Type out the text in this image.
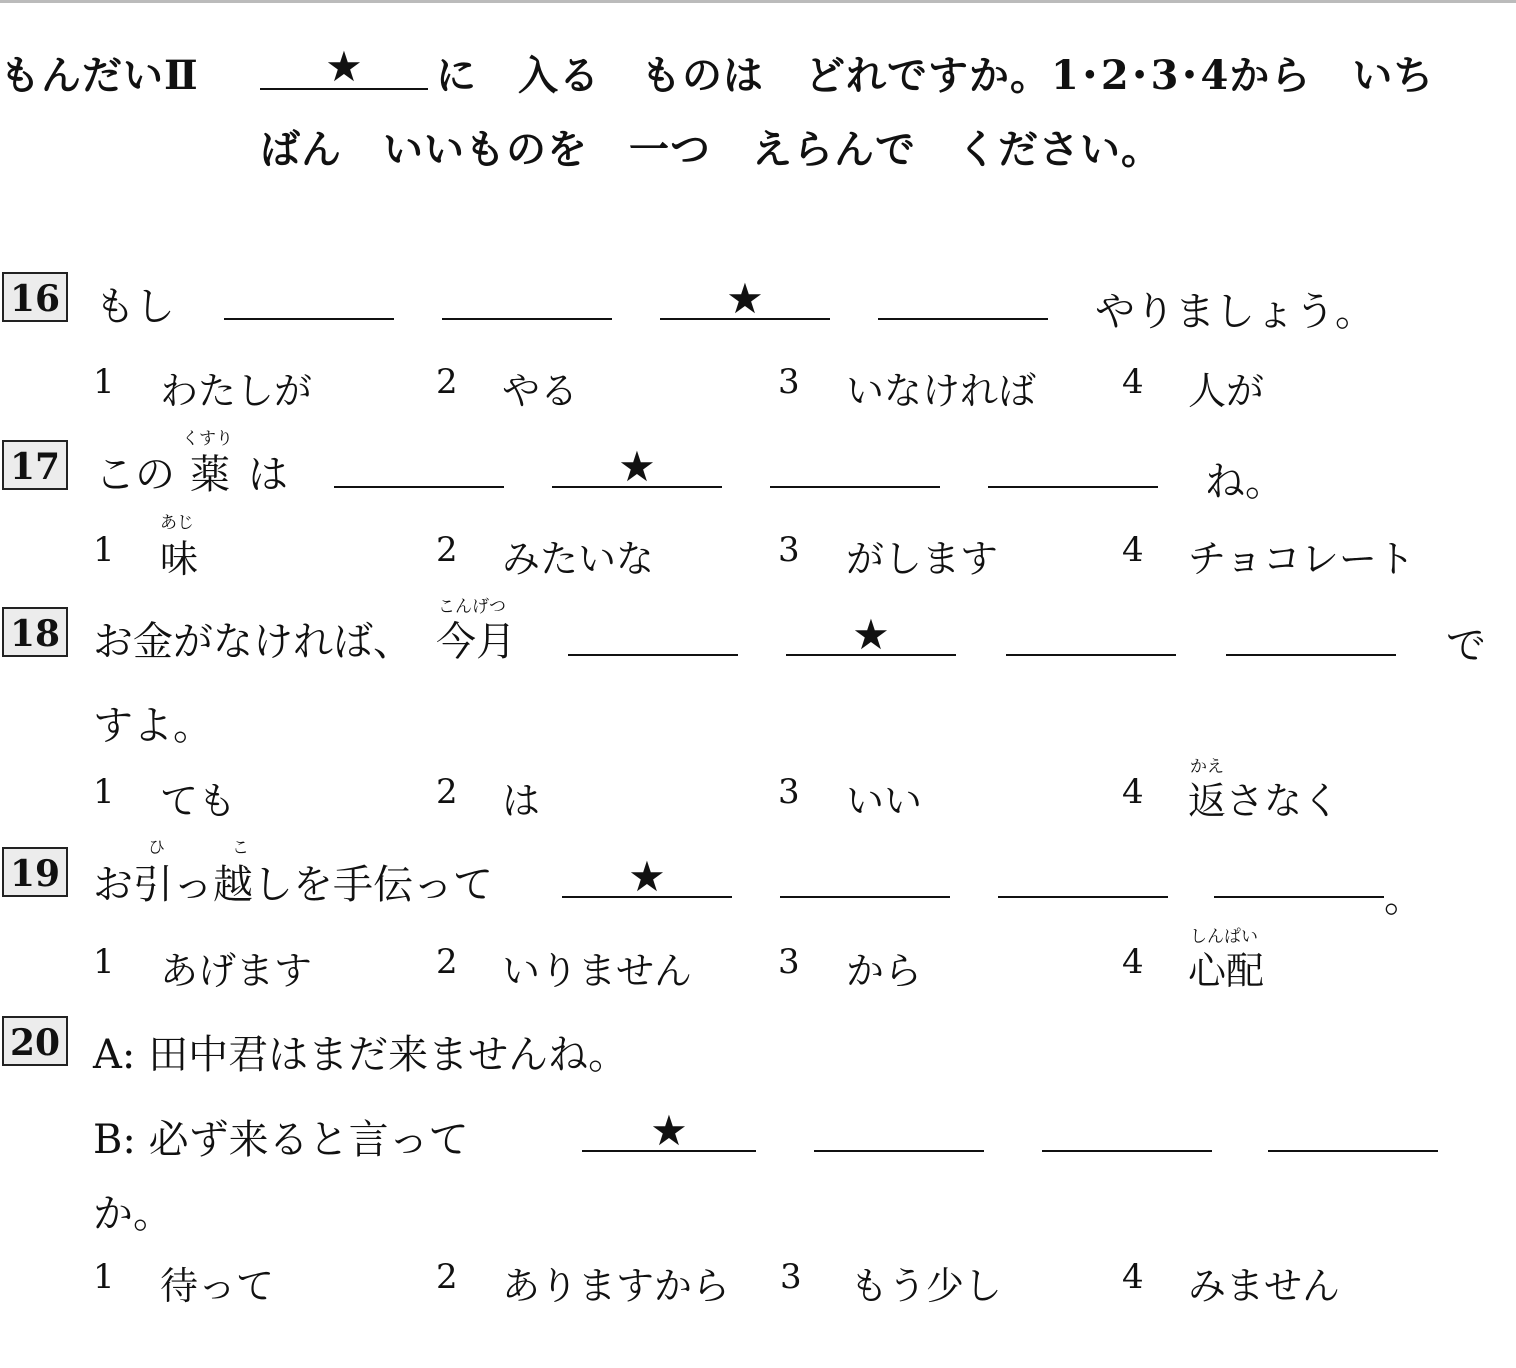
もんだいⅡ	★	に　入る　ものは　どれですか。1･2･3･4から　いち
ばん　いいものを　一つ　えらんで　ください。
16 もし	★	やりましょう。
1 わたしが	2 やる	3 いなければ	4 人が
17 この
くすり
薬 は	★	ね。
1
あじ
味	2 みたいな	3 がします	4 チョコレート
18 お金がなければ、
こんげつ
今月	★	で
すよ。
1 ても	2 は	3 いい	4
かえ
返さなく
19
ひ	こ
お引っ越しを手伝って	★	。
1 あげます	2 いりません	3 から	4
しんぱい
心配
20 A: 田中君はまだ来ませんね。
B: 必ず来ると言って	★
か。
1 待って	2 ありますから 3 もう少し	4 みません
